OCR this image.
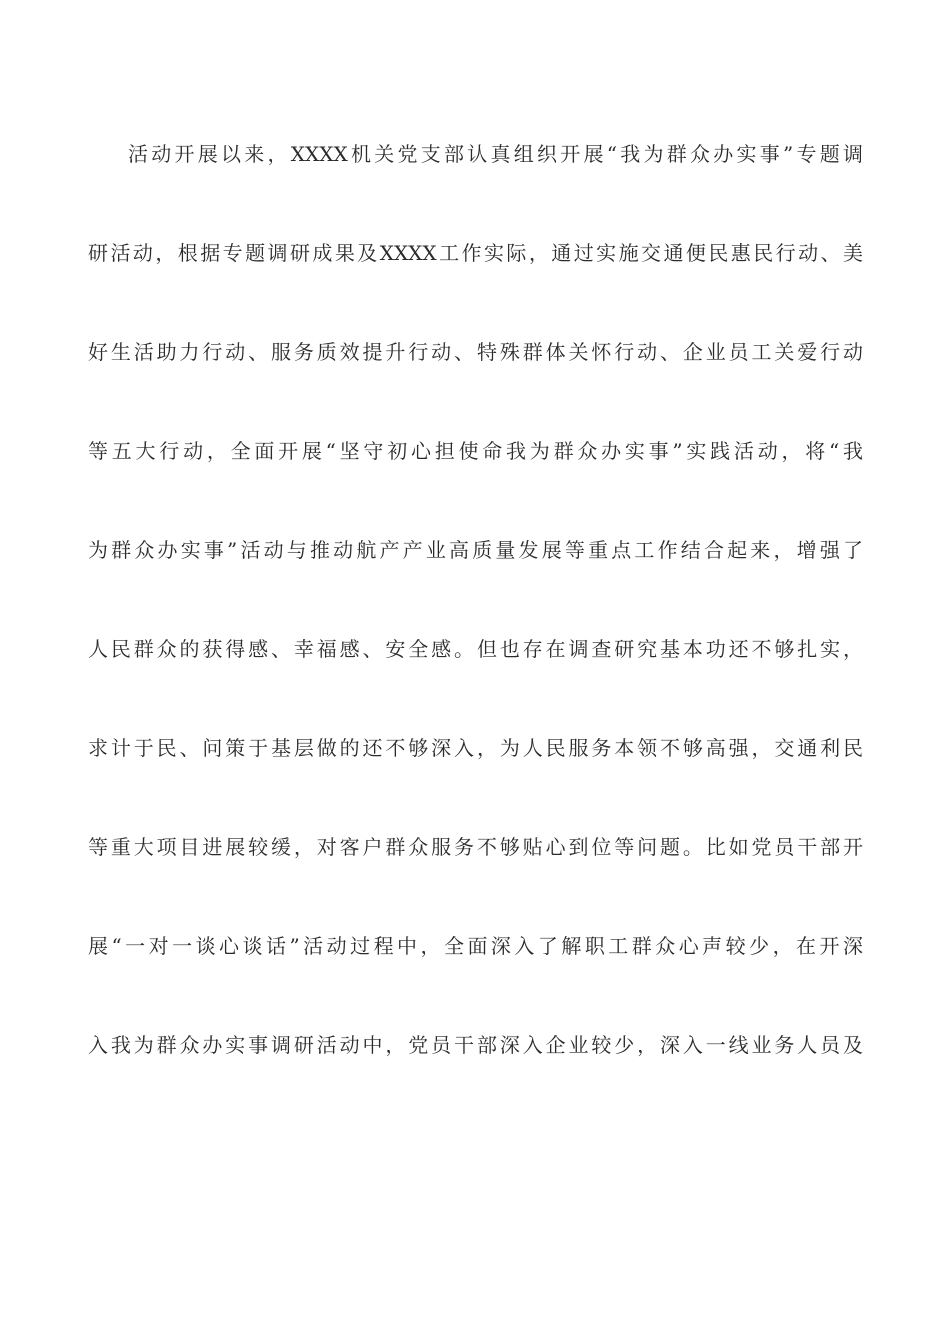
活动开展以来，XXXX机关党支部认真组织开展“我为群众办实事”专题调
研活动，根据专题调研成果及XXXX工作实际，通过实施交通便民惠民行动、美
好生活助力行动、服务质效提升行动、特殊群体关怀行动、企业员工关爱行动
等五大行动，全面开展“坚守初心担使命我为群众办实事”实践活动，将“我
为群众办实事”活动与推动航产产业高质量发展等重点工作结合起来，增强了
人民群众的获得感、幸福感、安全感。但也存在调查研究基本功还不够扎实，
求计于民、问策于基层做的还不够深入，为人民服务本领不够高强，交通利民
等重大项目进展较缓，对客户群众服务不够贴心到位等问题。比如党员干部开
展“一对一谈心谈话”活动过程中，全面深入了解职工群众心声较少，在开深
入我为群众办实事调研活动中，党员干部深入企业较少，深入一线业务人员及
